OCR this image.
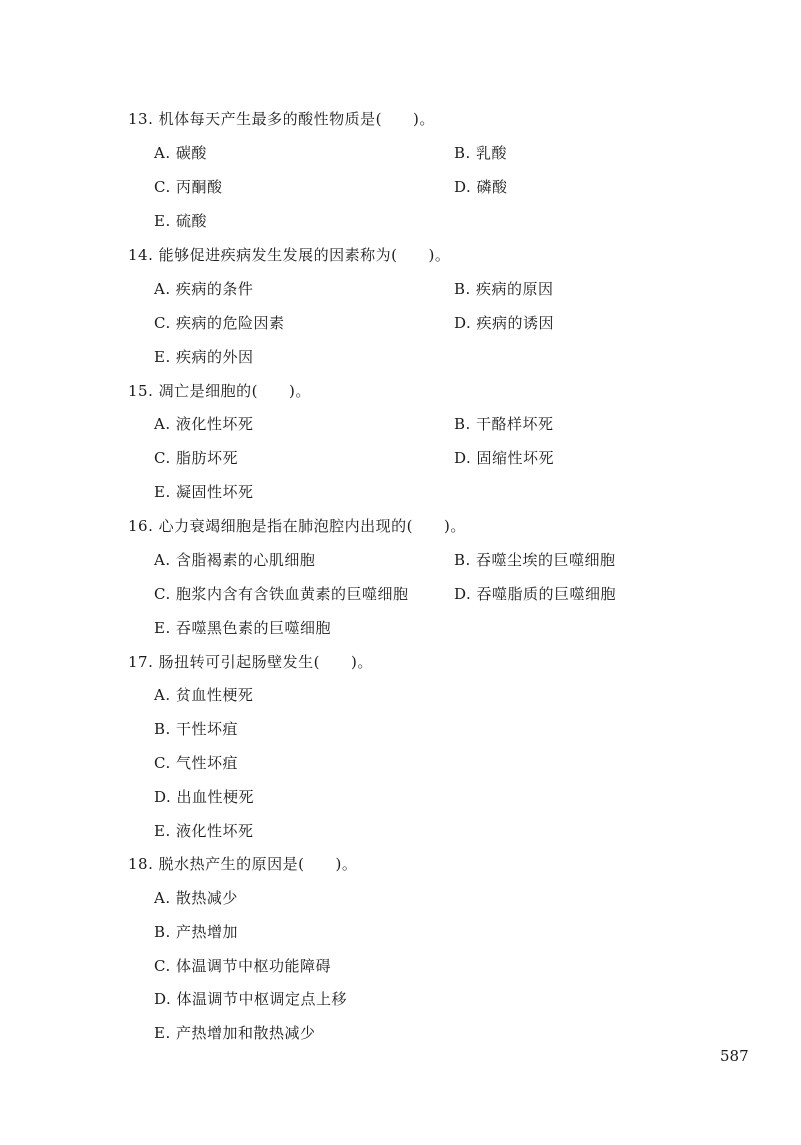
13. 机体每天产生最多的酸性物质是(　　)。
A. 碳酸	B. 乳酸
C. 丙酮酸	D. 磷酸
E. 硫酸
14. 能够促进疾病发生发展的因素称为(　　)。
A. 疾病的条件	B. 疾病的原因
C. 疾病的危险因素	D. 疾病的诱因
E. 疾病的外因
15. 凋亡是细胞的(　　)。
A. 液化性坏死	B. 干酪样坏死
C. 脂肪坏死	D. 固缩性坏死
E. 凝固性坏死
16. 心力衰竭细胞是指在肺泡腔内出现的(　　)。
A. 含脂褐素的心肌细胞	B. 吞噬尘埃的巨噬细胞
C. 胞浆内含有含铁血黄素的巨噬细胞	D. 吞噬脂质的巨噬细胞
E. 吞噬黑色素的巨噬细胞
17. 肠扭转可引起肠壁发生(　　)。
A. 贫血性梗死
B. 干性坏疽
C. 气性坏疽
D. 出血性梗死
E. 液化性坏死
18. 脱水热产生的原因是(　　)。
A. 散热减少
B. 产热增加
C. 体温调节中枢功能障碍
D. 体温调节中枢调定点上移
E. 产热增加和散热减少
587
